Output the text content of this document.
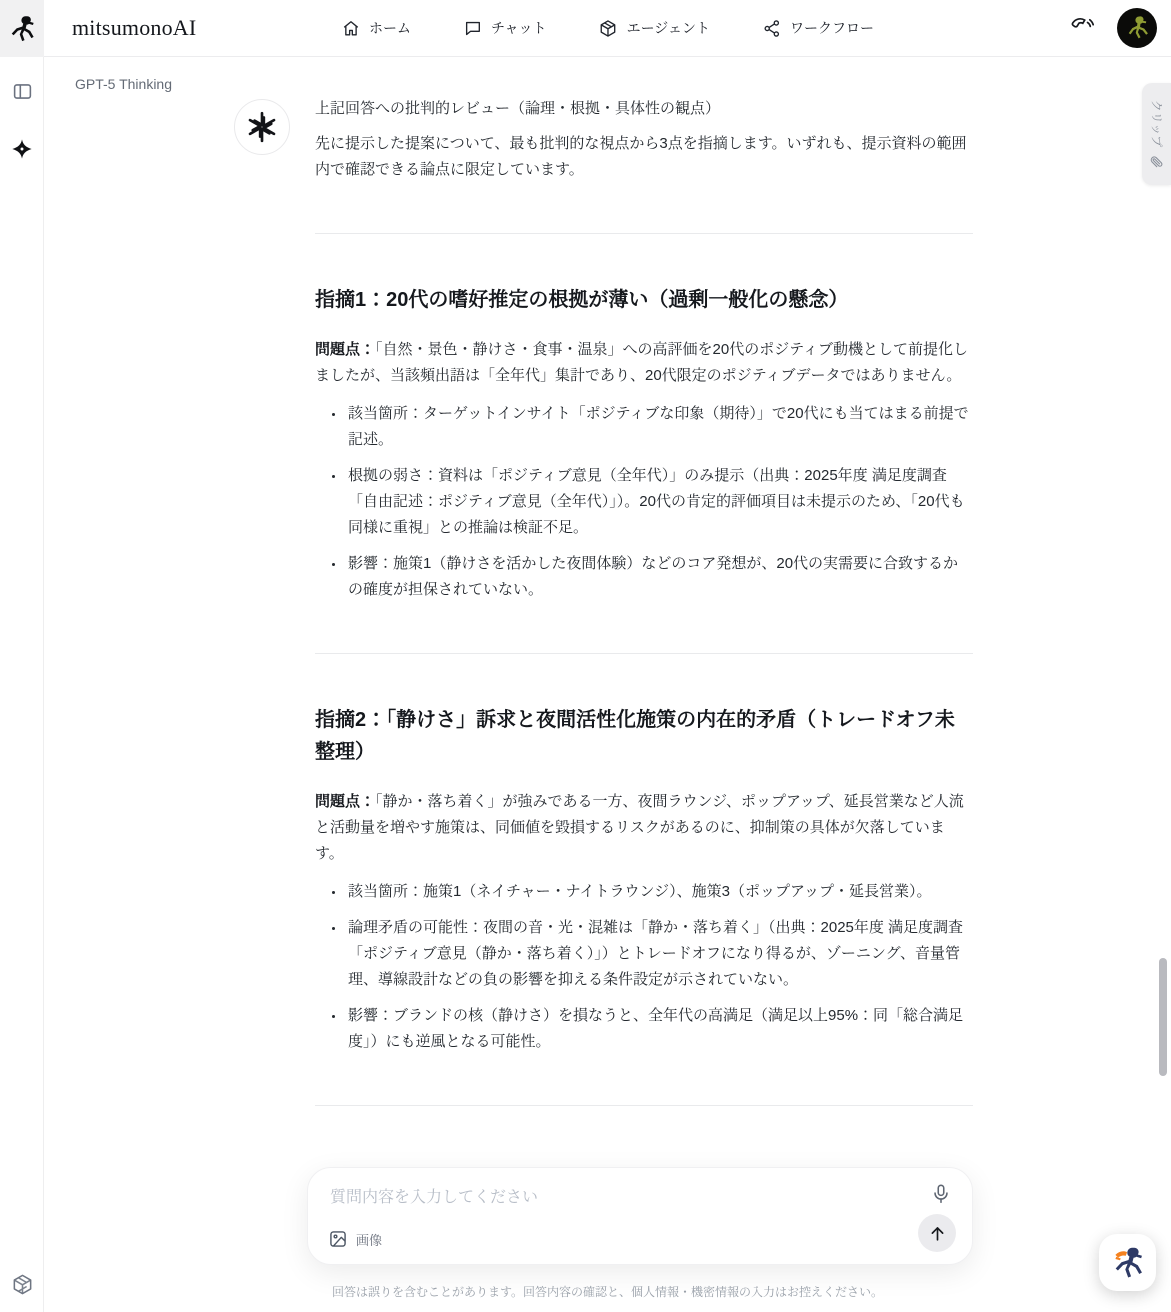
mitsumonoAI	ホーム	チャット	エージェント	ワークフロー
GPT-5 Thinking

上記回答への批判的レビュー（論理・根拠・具体性の観点）

先に提示した提案について、最も批判的な視点から3点を指摘します。いずれも、提示資料の範囲内で確認できる論点に限定しています。

指摘1：20代の嗜好推定の根拠が薄い（過剰一般化の懸念）

問題点：「自然・景色・静けさ・食事・温泉」への高評価を20代のポジティブ動機として前提化しましたが、当該頻出語は「全年代」集計であり、20代限定のポジティブデータではありません。

• 該当箇所：ターゲットインサイト「ポジティブな印象（期待）」で20代にも当てはまる前提で記述。
• 根拠の弱さ：資料は「ポジティブ意見（全年代）」のみ提示（出典：2025年度 満足度調査「自由記述：ポジティブ意見（全年代）」）。20代の肯定的評価項目は未提示のため、「20代も同様に重視」との推論は検証不足。
• 影響：施策1（静けさを活かした夜間体験）などのコア発想が、20代の実需要に合致するかの確度が担保されていない。
指摘2：「静けさ」訴求と夜間活性化施策の内在的矛盾（トレードオフ未整理）

問題点：「静か・落ち着く」が強みである一方、夜間ラウンジ、ポップアップ、延長営業など人流と活動量を増やす施策は、同価値を毀損するリスクがあるのに、抑制策の具体が欠落しています。

• 該当箇所：施策1（ネイチャー・ナイトラウンジ）、施策3（ポップアップ・延長営業）。
• 論理矛盾の可能性：夜間の音・光・混雑は「静か・落ち着く」（出典：2025年度 満足度調査「ポジティブ意見（静か・落ち着く）」）とトレードオフになり得るが、ゾーニング、音量管理、導線設計などの負の影響を抑える条件設定が示されていない。
• 影響：ブランドの核（静けさ）を損なうと、全年代の高満足（満足以上95%：同「総合満足度」）にも逆風となる可能性。
クリップ
質問内容を入力してください
画像
回答は誤りを含むことがあります。回答内容の確認と、個人情報・機密情報の入力はお控えください。
